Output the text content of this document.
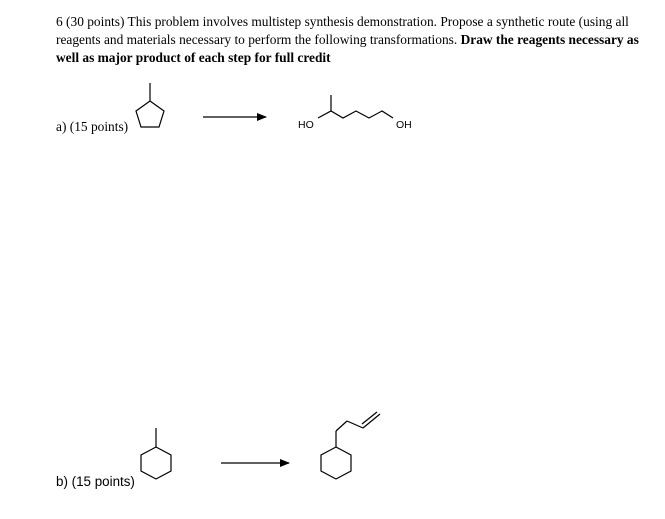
6 (30 points) This problem involves multistep synthesis demonstration. Propose a synthetic route (using all reagents and materials necessary to perform the following transformations. Draw the reagents necessary as well as major product of each step for full credit
a) (15 points)
b) (15 points)
HO	OH
